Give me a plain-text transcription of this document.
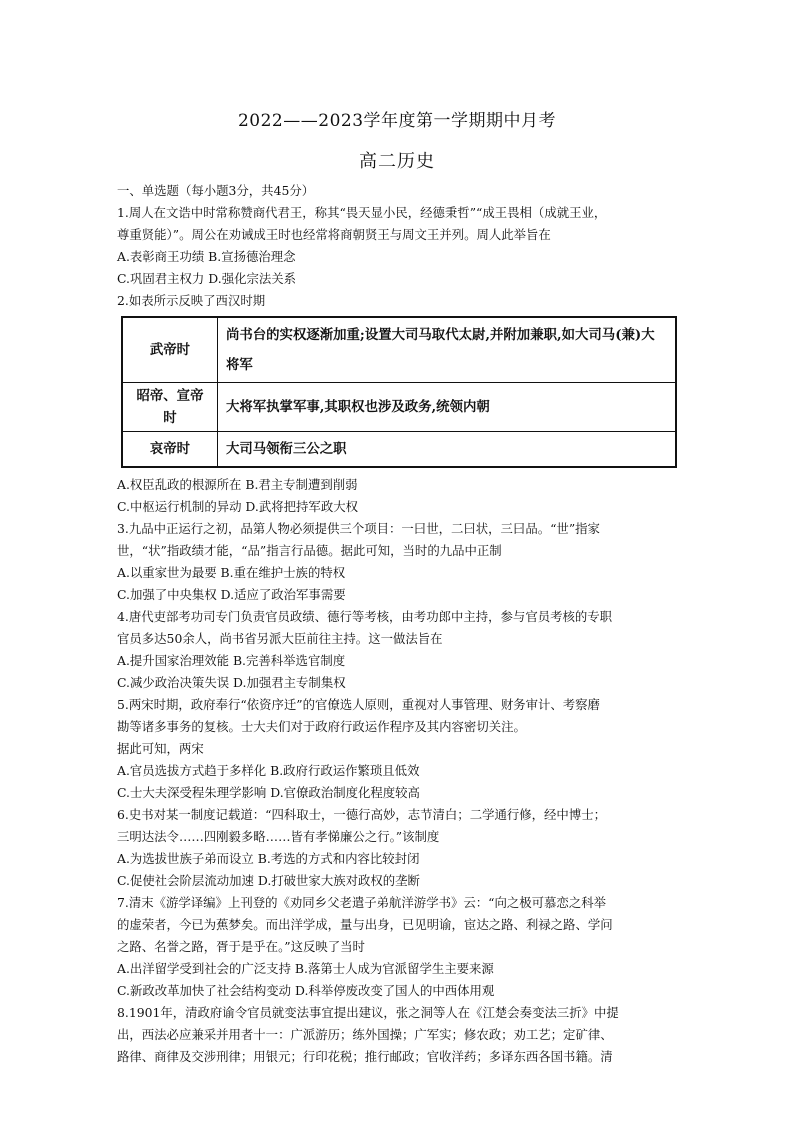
2022——2023学年度第一学期期中月考
高二历史
一、单选题（每小题3分，共45分）
1.周人在文诰中时常称赞商代君王，称其“畏天显小民，经德秉哲”“成王畏相（成就王业，
尊重贤能）”。周公在劝诫成王时也经常将商朝贤王与周文王并列。周人此举旨在
A.表彰商王功绩 B.宣扬德治理念
C.巩固君主权力 D.强化宗法关系
2.如表所示反映了西汉时期
武帝时	尚书台的实权逐渐加重;设置大司马取代太尉,并附加兼职,如大司马(兼)大将军
昭帝、宣帝时	大将军执掌军事,其职权也涉及政务,统领内朝
哀帝时	大司马领衔三公之职
A.权臣乱政的根源所在 B.君主专制遭到削弱
C.中枢运行机制的异动 D.武将把持军政大权
3.九品中正运行之初，品第人物必须提供三个项目：一曰世，二曰状，三曰品。“世”指家
世，“状”指政绩才能，“品”指言行品德。据此可知，当时的九品中正制
A.以重家世为最要 B.重在维护士族的特权
C.加强了中央集权 D.适应了政治军事需要
4.唐代吏部考功司专门负责官员政绩、德行等考核，由考功郎中主持，参与官员考核的专职
官员多达50余人，尚书省另派大臣前往主持。这一做法旨在
A.提升国家治理效能 B.完善科举选官制度
C.减少政治决策失误 D.加强君主专制集权
5.两宋时期，政府奉行“依资序迁”的官僚选人原则，重视对人事管理、财务审计、考察磨
勘等诸多事务的复核。士大夫们对于政府行政运作程序及其内容密切关注。
据此可知，两宋
A.官员选拔方式趋于多样化 B.政府行政运作繁琐且低效
C.士大夫深受程朱理学影响 D.官僚政治制度化程度较高
6.史书对某一制度记载道：“四科取士，一德行高妙，志节清白；二学通行修，经中博士；
三明达法令……四刚毅多略……皆有孝悌廉公之行。”该制度
A.为选拔世族子弟而设立 B.考选的方式和内容比较封闭
C.促使社会阶层流动加速 D.打破世家大族对政权的垄断
7.清末《游学译编》上刊登的《劝同乡父老遣子弟航洋游学书》云：“向之极可慕恋之科举
的虚荣者，今已为蕉梦矣。而出洋学成，量与出身，已见明谕，宦达之路、利禄之路、学问
之路、名誉之路，胥于是乎在。”这反映了当时
A.出洋留学受到社会的广泛支持 B.落第士人成为官派留学生主要来源
C.新政改革加快了社会结构变动 D.科举停废改变了国人的中西体用观
8.1901年，清政府谕令官员就变法事宜提出建议，张之洞等人在《江楚会奏变法三折》中提
出，西法必应兼采并用者十一：广派游历；练外国操；广军实；修农政；劝工艺；定矿律、
路律、商律及交涉刑律；用银元；行印花税；推行邮政；官收洋药；多译东西各国书籍。清
